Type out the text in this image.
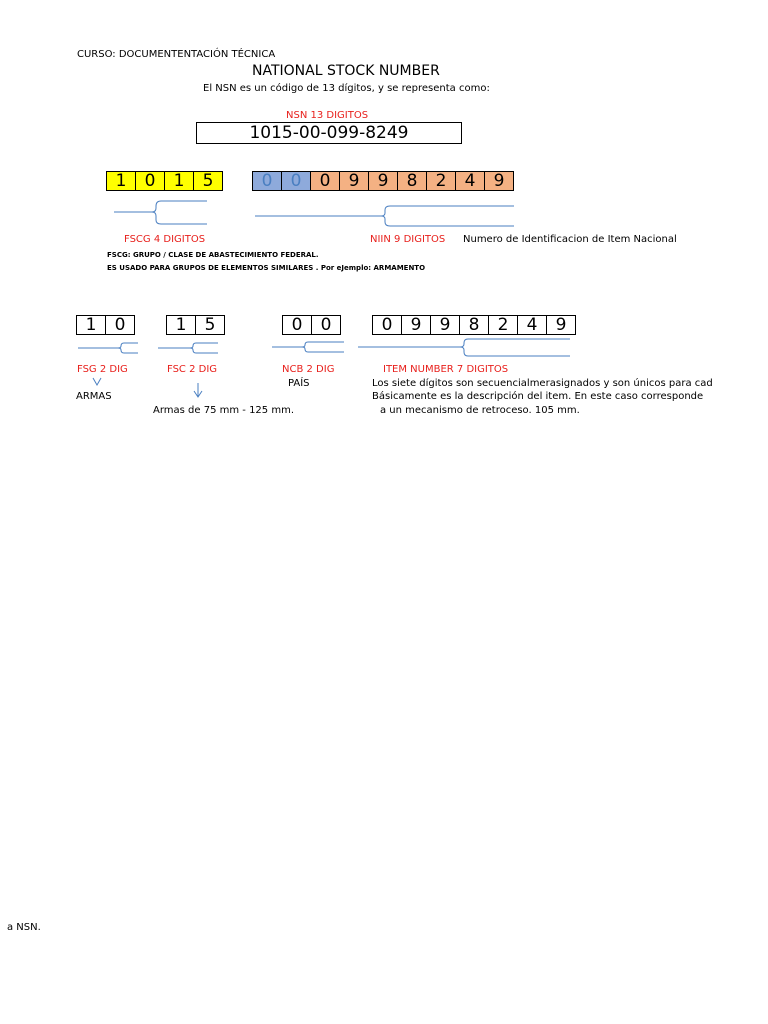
CURSO: DOCUMENTENTACIÓN TÉCNICA
NATIONAL STOCK NUMBER
El NSN es un código de 13 dígitos, y se representa como:
NSN 13 DIGITOS
1015-00-099-8249
1	0	1	5	0	0	0	9	9	8	2	4	9
FSCG 4 DIGITOS	NIIN 9 DIGITOS Numero de Identificacion de Item Nacional
FSCG: GRUPO / CLASE DE ABASTECIMIENTO FEDERAL.
ES USADO PARA GRUPOS DE ELEMENTOS SIMILARES . Por eJemplo: ARMAMENTO
1	0	1	5	0	0	0	9	9	8	2	4	9
FSG 2 DIG	FSC 2 DIG	NCB 2 DIG	ITEM NUMBER 7 DIGITOS
ARMAS
Armas de 75 mm - 125 mm.
PAÍS	Los siete dígitos son secuencialmerasignados y son únicos para cad
Básicamente es la descripción del item. En este caso corresponde
a un mecanismo de retroceso. 105 mm.
a NSN.
